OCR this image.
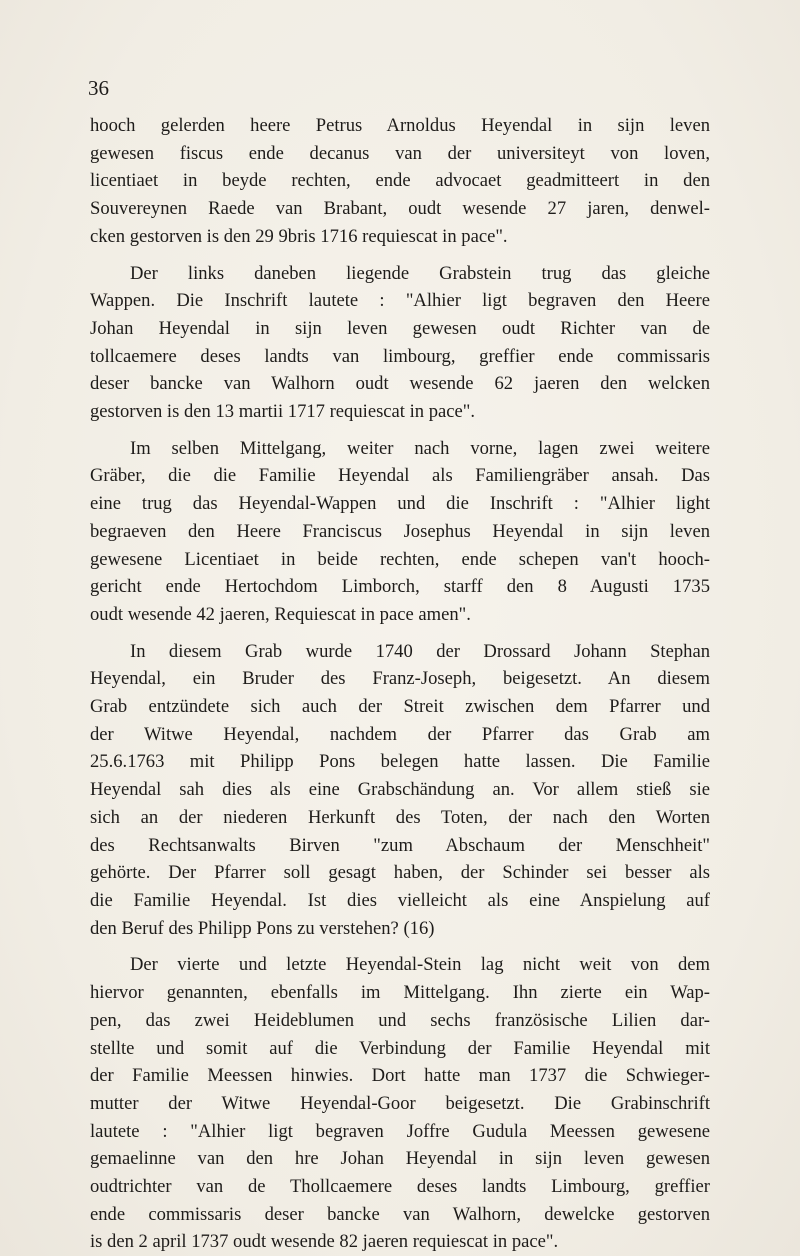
36
hooch gelerden heere Petrus Arnoldus Heyendal in sijn leven
gewesen fiscus ende decanus van der universiteyt von loven,
licentiaet in beyde rechten, ende advocaet geadmitteert in den
Souvereynen Raede van Brabant, oudt wesende 27 jaren, denwel-
cken gestorven is den 29 9bris 1716 requiescat in pace".
Der links daneben liegende Grabstein trug das gleiche
Wappen. Die Inschrift lautete : "Alhier ligt begraven den Heere
Johan Heyendal in sijn leven gewesen oudt Richter van de
tollcaemere deses landts van limbourg, greffier ende commissaris
deser bancke van Walhorn oudt wesende 62 jaeren den welcken
gestorven is den 13 martii 1717 requiescat in pace".
Im selben Mittelgang, weiter nach vorne, lagen zwei weitere
Gräber, die die Familie Heyendal als Familiengräber ansah. Das
eine trug das Heyendal-Wappen und die Inschrift : "Alhier light
begraeven den Heere Franciscus Josephus Heyendal in sijn leven
gewesene Licentiaet in beide rechten, ende schepen van't hooch-
gericht ende Hertochdom Limborch, starff den 8 Augusti 1735
oudt wesende 42 jaeren, Requiescat in pace amen".
In diesem Grab wurde 1740 der Drossard Johann Stephan
Heyendal, ein Bruder des Franz-Joseph, beigesetzt. An diesem
Grab entzündete sich auch der Streit zwischen dem Pfarrer und
der Witwe Heyendal, nachdem der Pfarrer das Grab am
25.6.1763 mit Philipp Pons belegen hatte lassen. Die Familie
Heyendal sah dies als eine Grabschändung an. Vor allem stieß sie
sich an der niederen Herkunft des Toten, der nach den Worten
des Rechtsanwalts Birven "zum Abschaum der Menschheit"
gehörte. Der Pfarrer soll gesagt haben, der Schinder sei besser als
die Familie Heyendal. Ist dies vielleicht als eine Anspielung auf
den Beruf des Philipp Pons zu verstehen? (16)
Der vierte und letzte Heyendal-Stein lag nicht weit von dem
hiervor genannten, ebenfalls im Mittelgang. Ihn zierte ein Wap-
pen, das zwei Heideblumen und sechs französische Lilien dar-
stellte und somit auf die Verbindung der Familie Heyendal mit
der Familie Meessen hinwies. Dort hatte man 1737 die Schwieger-
mutter der Witwe Heyendal-Goor beigesetzt. Die Grabinschrift
lautete : "Alhier ligt begraven Joffre Gudula Meessen gewesene
gemaelinne van den hre Johan Heyendal in sijn leven gewesen
oudtrichter van de Thollcaemere deses landts Limbourg, greffier
ende commissaris deser bancke van Walhorn, dewelcke gestorven
is den 2 april 1737 oudt wesende 82 jaeren requiescat in pace".
